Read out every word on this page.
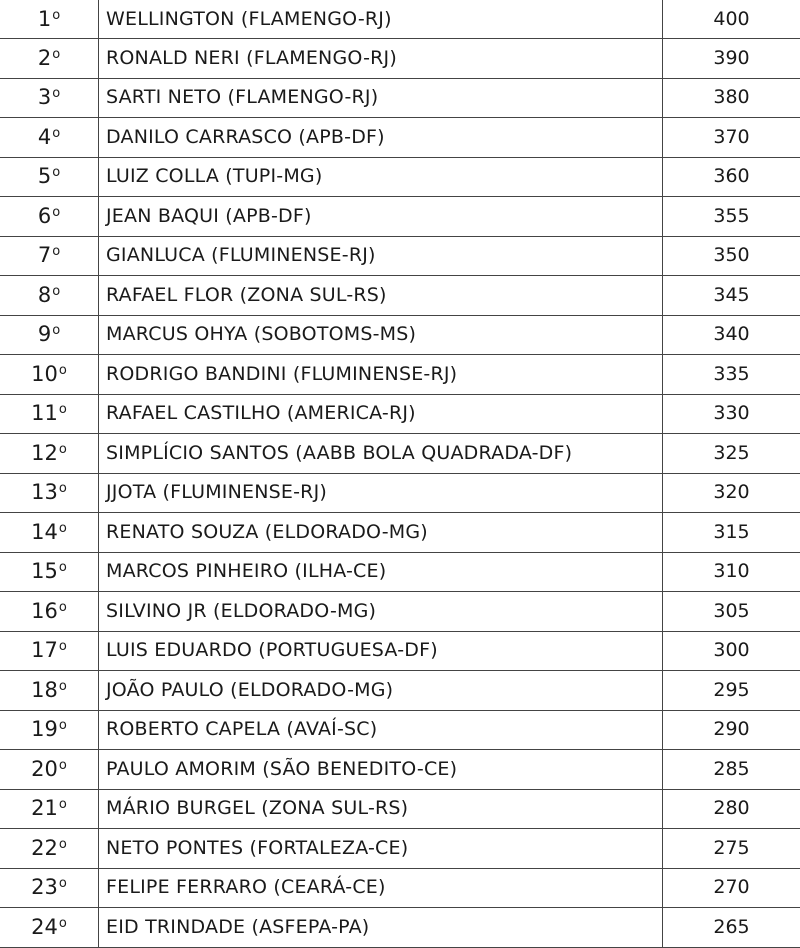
1$^o$	WELLINGTON (FLAMENGO-RJ)	400
2$^o$	RONALD NERI (FLAMENGO-RJ)	390
3$^o$	SARTI NETO (FLAMENGO-RJ)	380
4$^o$	DANILO CARRASCO (APB-DF)	370
5$^o$	LUIZ COLLA (TUPI-MG)	360
6$^o$	JEAN BAQUI (APB-DF)	355
7$^o$	GIANLUCA (FLUMINENSE-RJ)	350
8$^o$	RAFAEL FLOR (ZONA SUL-RS)	345
9$^o$	MARCUS OHYA (SOBOTOMS-MS)	340
10$^o$	RODRIGO BANDINI (FLUMINENSE-RJ)	335
11$^o$	RAFAEL CASTILHO (AMERICA-RJ)	330
12$^o$	SIMPLÍCIO SANTOS (AABB BOLA QUADRADA-DF)	325
13$^o$	JJOTA (FLUMINENSE-RJ)	320
14$^o$	RENATO SOUZA (ELDORADO-MG)	315
15$^o$	MARCOS PINHEIRO (ILHA-CE)	310
16$^o$	SILVINO JR (ELDORADO-MG)	305
17$^o$	LUIS EDUARDO (PORTUGUESA-DF)	300
18$^o$	JOÃO PAULO (ELDORADO-MG)	295
19$^o$	ROBERTO CAPELA (AVAÍ-SC)	290
20$^o$	PAULO AMORIM (SÃO BENEDITO-CE)	285
21$^o$	MÁRIO BURGEL (ZONA SUL-RS)	280
22$^o$	NETO PONTES (FORTALEZA-CE)	275
23$^o$	FELIPE FERRARO (CEARÁ-CE)	270
24$^o$	EID TRINDADE (ASFEPA-PA)	265
